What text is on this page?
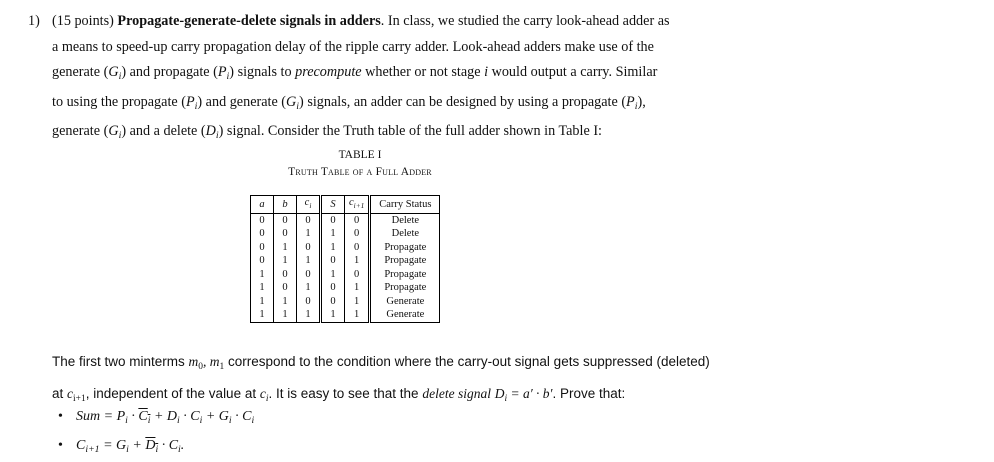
1) (15 points) Propagate-generate-delete signals in adders. In class, we studied the carry look-ahead adder as
a means to speed-up carry propagation delay of the ripple carry adder. Look-ahead adders make use of the
generate $(G_i)$ and propagate $(P_i)$ signals to precompute whether or not stage i would output a carry. Similar
to using the propagate $(P_i)$ and generate $(G_i)$ signals, an adder can be designed by using a propagate $(P_i)$,
generate $(G_i)$ and a delete $(D_i)$ signal. Consider the Truth table of the full adder shown in Table I:
TABLE I
Truth Table of a Full Adder
a	b	$c_i$	S	$c_{i+1}$	Carry Status
0	0	0	0	0	Delete
0	0	1	1	0	Delete
0	1	0	1	0	Propagate
0	1	1	0	1	Propagate
1	0	0	1	0	Propagate
1	0	1	0	1	Propagate
1	1	0	0	1	Generate
1	1	1	1	1	Generate
The first two minterms $m_0$, $m_1$ correspond to the condition where the carry-out signal gets suppressed (deleted)
at $c_{i+1}$, independent of the value at $c_i$. It is easy to see that the delete signal $D_i = a' \cdot b'$. Prove that:
• Sum = $P_i \cdot C_i + D_i \cdot C_i + G_i \cdot C_i$
• $C_{i+1} = G_i + D_i \cdot C_i$.
